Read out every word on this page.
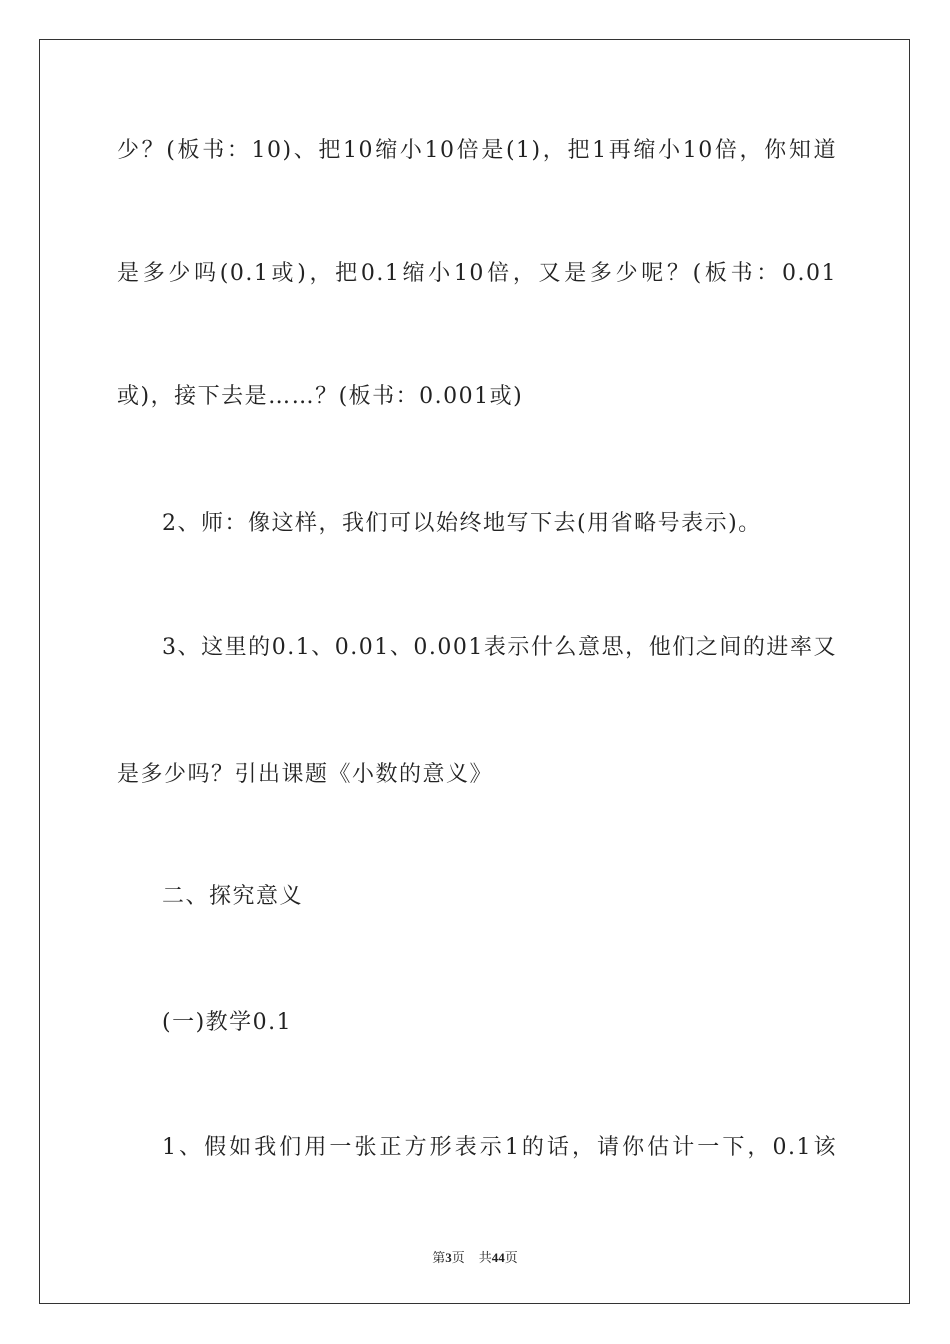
少？(板书：10)、把10缩小10倍是(1)，把1再缩小10倍，你知道
是多少吗(0.1或)，把0.1缩小10倍，又是多少呢？(板书：0.01
或)，接下去是……？(板书：0.001或)
2、师：像这样，我们可以始终地写下去(用省略号表示)。
3、这里的0.1、0.01、0.001表示什么意思，他们之间的进率又
是多少吗？引出课题《小数的意义》
二、探究意义
(一)教学0.1
1、假如我们用一张正方形表示1的话，请你估计一下，0.1该
第3页 共44页
